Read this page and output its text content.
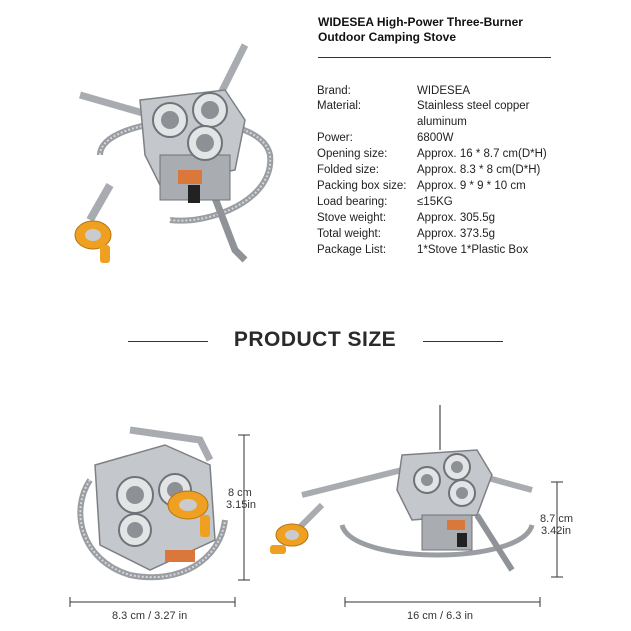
WIDESEA High-Power Three-Burner
Outdoor Camping Stove
Brand:	WIDESEA
Material:	Stainless steel copper
aluminum
Power:	6800W
Opening size:	Approx. 16 * 8.7 cm(D*H)
Folded size:	Approx. 8.3 * 8 cm(D*H)
Packing box size: Approx. 9 * 9 * 10 cm
Load bearing:	≤15KG
Stove weight:	Approx. 305.5g
Total weight:	Approx. 373.5g
Package List:	1*Stove 1*Plastic Box
PRODUCT SIZE
8 cm
3.15in
8.3 cm / 3.27 in
8.7 cm
3.42in
16 cm / 6.3 in
